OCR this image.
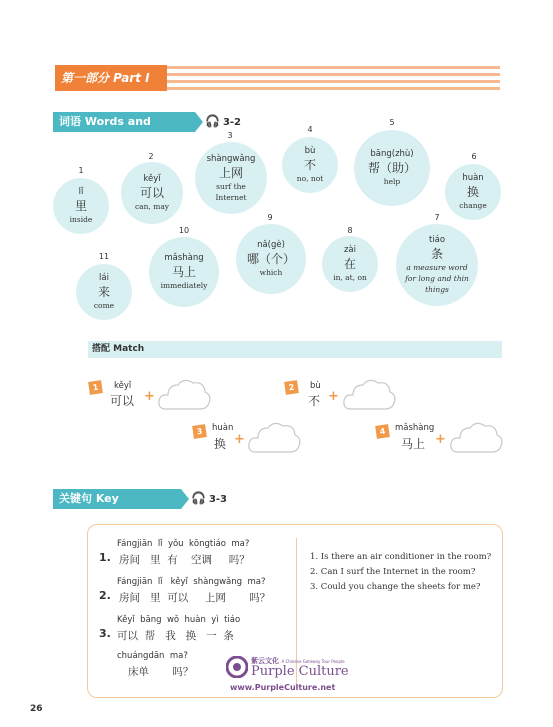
第一部分 Part I
词语 Words and Phrases
🎧 3-2
1
lǐ
里
inside
2
kěyǐ
可以
can, may
3
shàngwǎng
上网
surf the Internet
4
bù
不
no, not
5
bāng(zhù)
帮（助）
help
6
huàn
换
change
7
tiáo
条
a measure word for long and thin things
8
zài
在
in, at, on
9
nǎ(gè)
哪（个）
which
10
mǎshàng
马上
immediately
11
lái
来
come
搭配 Match
1	kěyǐ
可以 +
2	bù
不 +
3	huàn
换 +
4	mǎshàng
马上 +
关键句 Key Sentences
🎧 3-3
Fángjiān  lǐ  yǒu  kōngtiáo  ma?
1. 房间   里  有    空调     吗？
Fángjiān  lǐ   kěyǐ  shàngwǎng  ma?
2. 房间   里  可以     上网       吗？
Kěyǐ  bāng  wǒ  huàn  yì  tiáo
3. 可以  帮   我   换   一  条
chuángdān  ma?
床单       吗？
1. Is there an air conditioner in the room?
2. Can I surf the Internet in the room?
3. Could you change the sheets for me?
紫云文化 A Chinese Gateway Tour People
Purple Culture
www.PurpleCulture.net
26
